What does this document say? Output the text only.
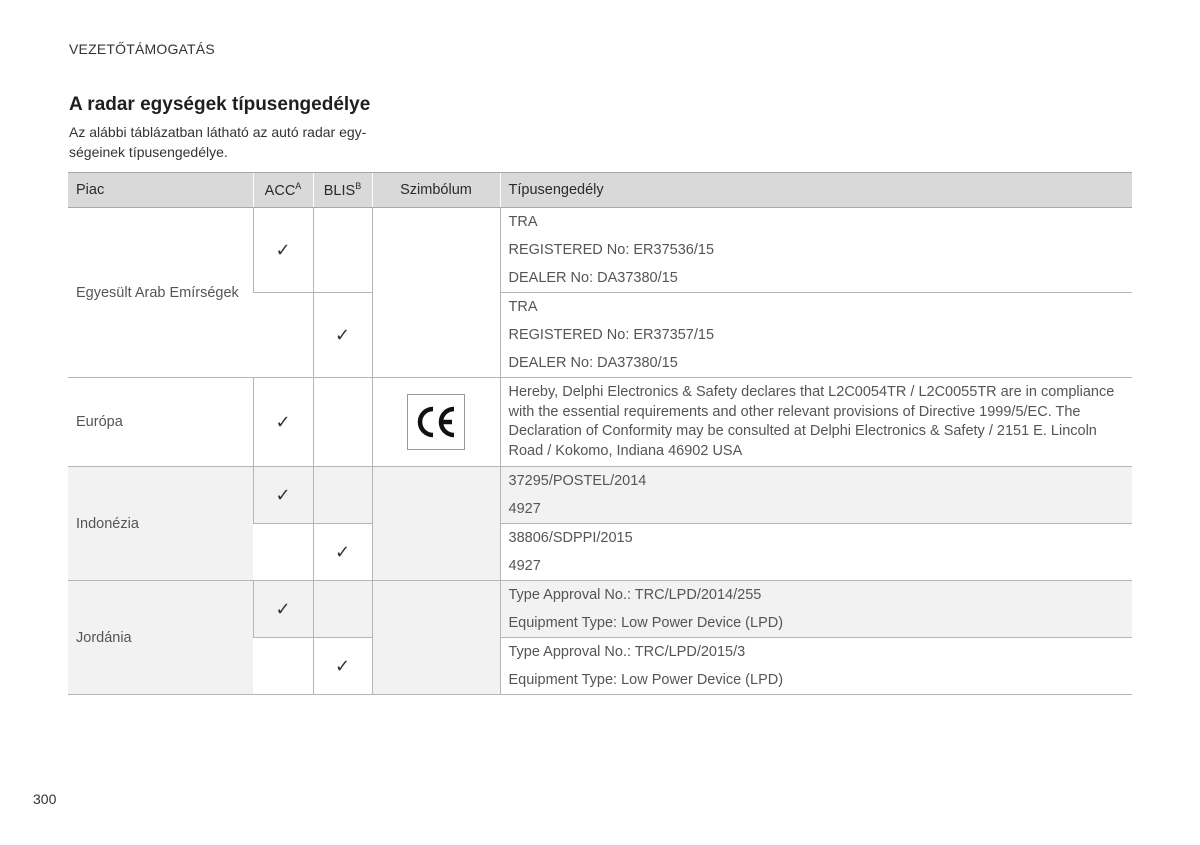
VEZETŐTÁMOGATÁS
A radar egységek típusengedélye
Az alábbi táblázatban látható az autó radar egy-
ségeinek típusengedélye.
Piac	$ACC^A$	$BLIS^B$	Szimbólum	Típusengedély
Egyesült Arab Emírségek	✓			TRA
REGISTERED No: ER37536/15
DEALER No: DA37380/15

		✓		TRA
REGISTERED No: ER37357/15
DEALER No: DA37380/15

Európa	✓			Hereby, Delphi Electronics & Safety declares that L2C0054TR / L2C0055TR are in compliance with the essential requirements and other relevant provisions of Directive 1999/5/EC. The Declaration of Conformity may be consulted at Delphi Electronics & Safety / 2151 E. Lincoln Road / Kokomo, Indiana 46902 USA

Indonézia	✓			37295/POSTEL/2014
4927

		✓		38806/SDPPI/2015
4927

Jordánia	✓			Type Approval No.: TRC/LPD/2014/255
Equipment Type: Low Power Device (LPD)

		✓		Type Approval No.: TRC/LPD/2015/3
Equipment Type: Low Power Device (LPD)
300
